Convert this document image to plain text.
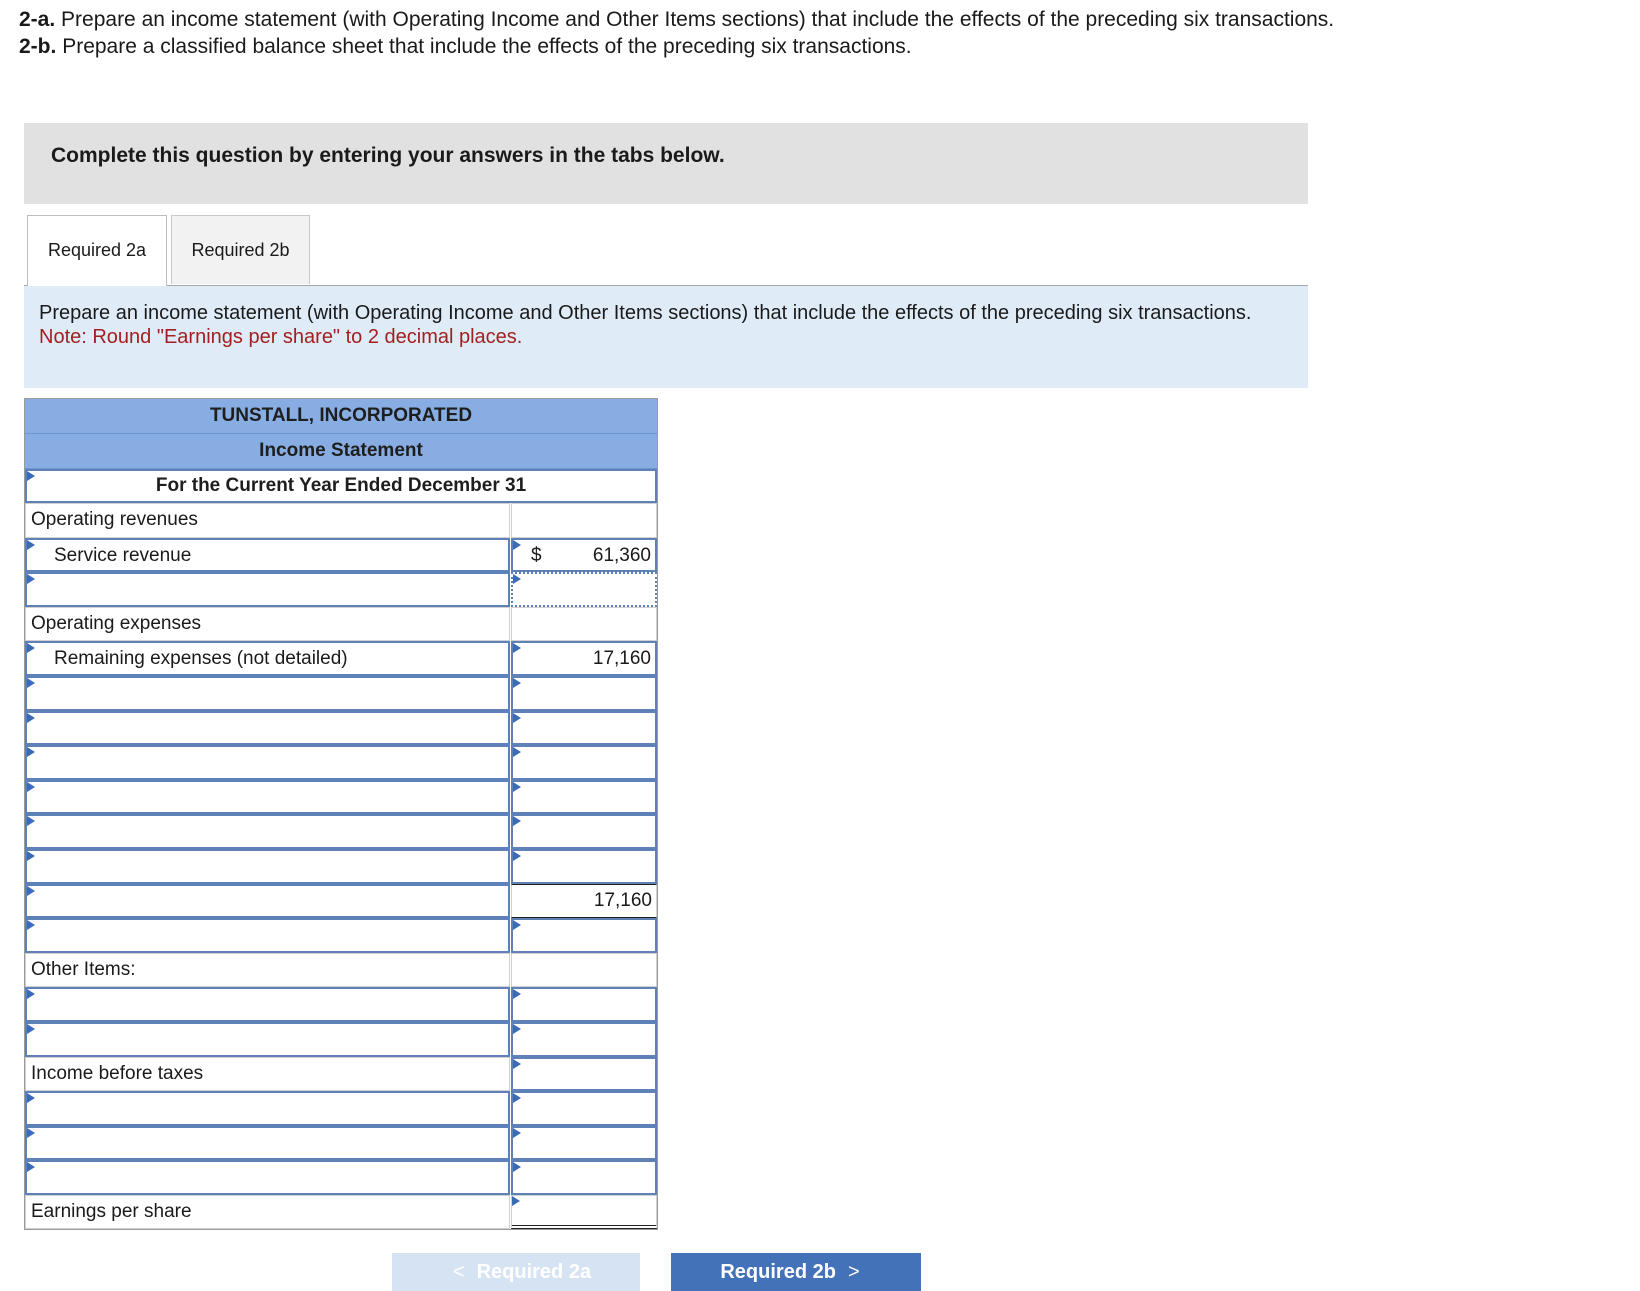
2-a. Prepare an income statement (with Operating Income and Other Items sections) that include the effects of the preceding six transactions.
2-b. Prepare a classified balance sheet that include the effects of the preceding six transactions.
Complete this question by entering your answers in the tabs below.
Required 2a	Required 2b
Prepare an income statement (with Operating Income and Other Items sections) that include the effects of the preceding six transactions.
Note: Round "Earnings per share" to 2 decimal places.
TUNSTALL, INCORPORATED
Income Statement
For the Current Year Ended December 31
Operating revenues
Service revenue	$	61,360
Operating expenses
Remaining expenses (not detailed)	17,160
17,160
Other Items:
Income before taxes
Earnings per share
< Required 2a	Required 2b >
